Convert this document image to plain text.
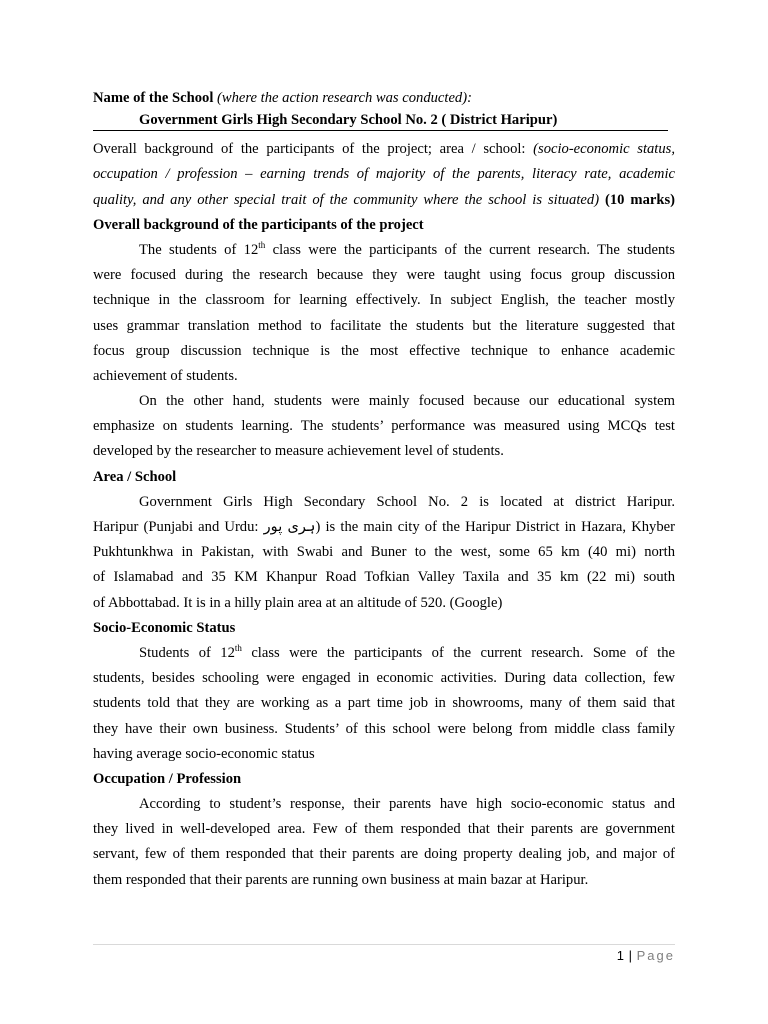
Name of the School (where the action research was conducted):
Government Girls High Secondary School No. 2 ( District Haripur)
Overall background of the participants of the project; area / school: (socio-economic status,
occupation / profession – earning trends of majority of the parents, literacy rate, academic
quality, and any other special trait of the community where the school is situated) (10 marks)
Overall background of the participants of the project
The students of 12th class were the participants of the current research. The students
were focused during the research because they were taught using focus group discussion
technique in the classroom for learning effectively. In subject English, the teacher mostly
uses grammar translation method to facilitate the students but the literature suggested that
focus group discussion technique is the most effective technique to enhance academic
achievement of students.
On the other hand, students were mainly focused because our educational system
emphasize on students learning. The students’ performance was measured using MCQs test
developed by the researcher to measure achievement level of students.
Area / School
Government Girls High Secondary School No. 2 is located at district Haripur.
Haripur (Punjabi and Urdu: ہری پور) is the main city of the Haripur District in Hazara, Khyber
Pukhtunkhwa in Pakistan, with Swabi and Buner to the west, some 65 km (40 mi) north
of Islamabad and 35 KM Khanpur Road Tofkian Valley Taxila and 35 km (22 mi) south
of Abbottabad. It is in a hilly plain area at an altitude of 520. (Google)
Socio-Economic Status
Students of 12th class were the participants of the current research. Some of the
students, besides schooling were engaged in economic activities. During data collection, few
students told that they are working as a part time job in showrooms, many of them said that
they have their own business. Students’ of this school were belong from middle class family
having average socio-economic status
Occupation / Profession
According to student’s response, their parents have high socio-economic status and
they lived in well-developed area. Few of them responded that their parents are government
servant, few of them responded that their parents are doing property dealing job, and major of
them responded that their parents are running own business at main bazar at Haripur.
1 | Page
